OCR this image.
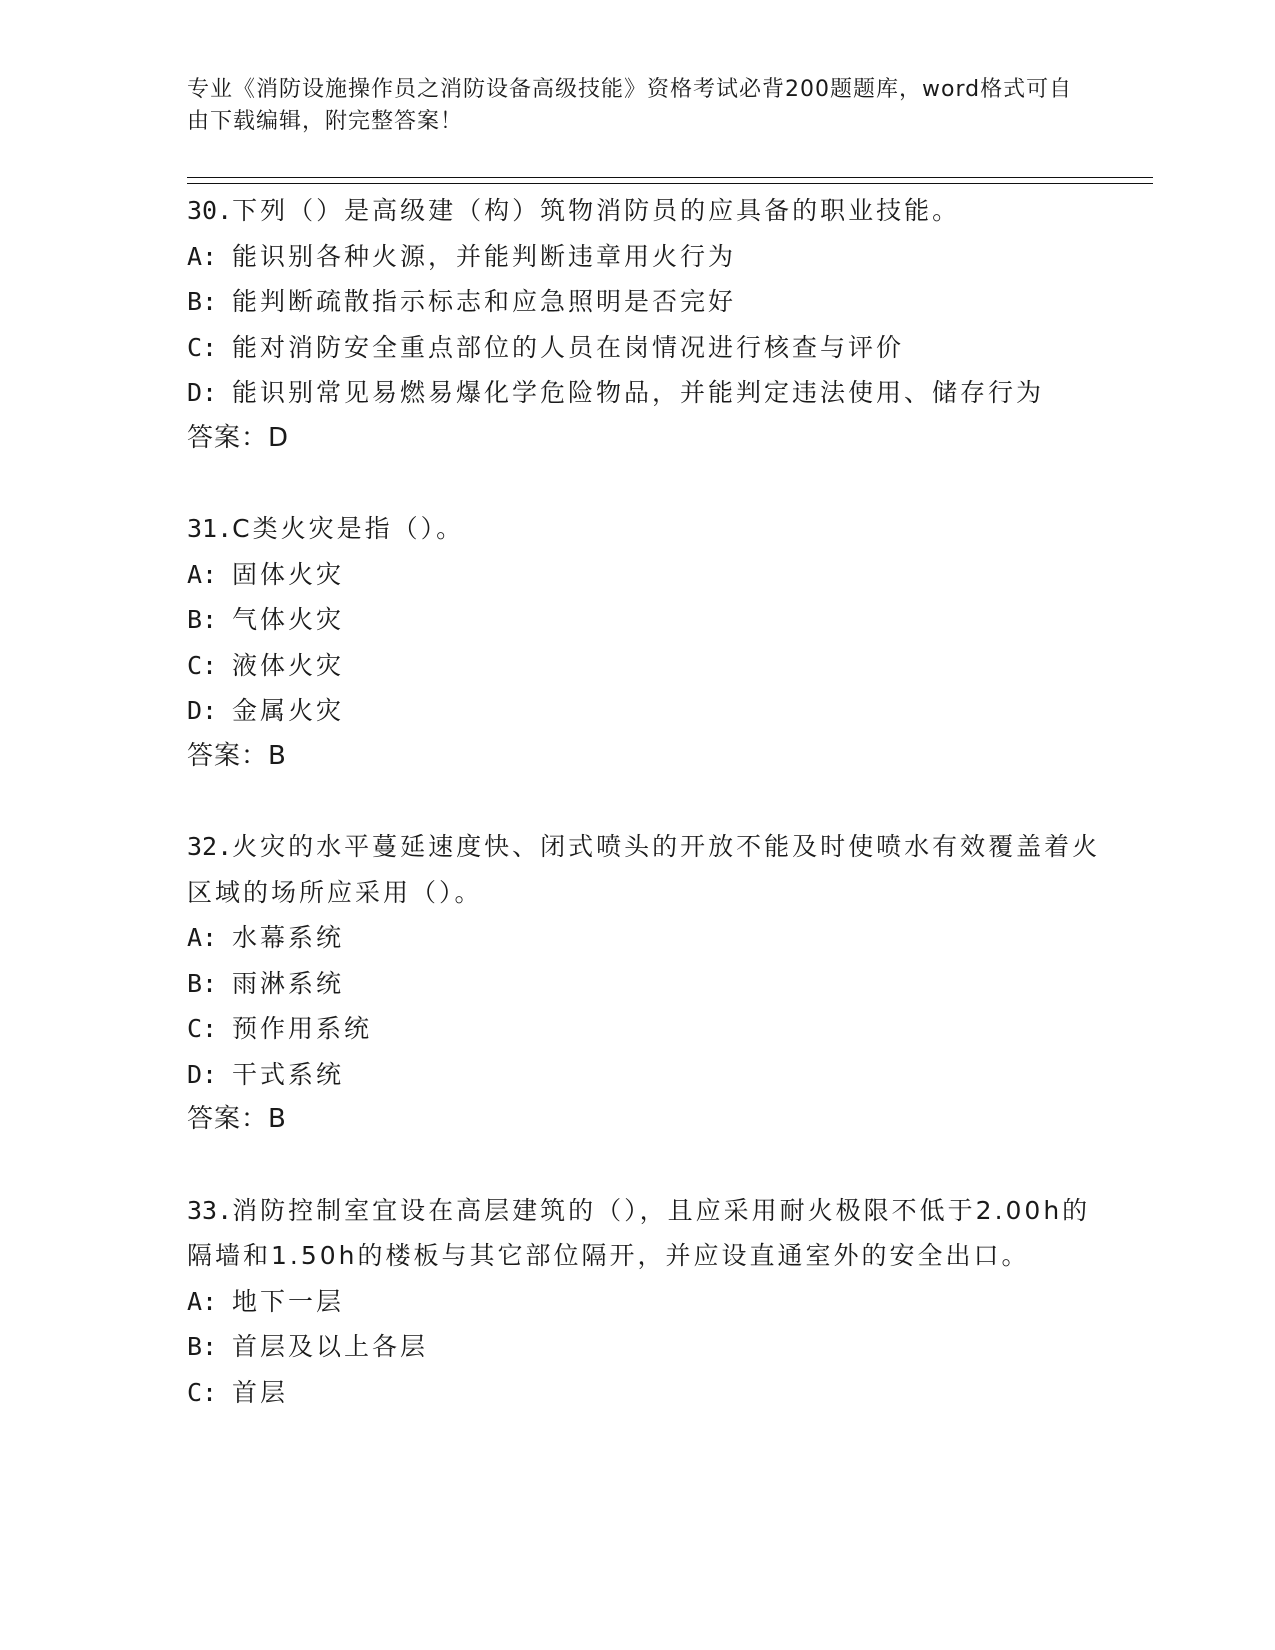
专业《消防设施操作员之消防设备高级技能》资格考试必背200题题库，word格式可自由下载编辑，附完整答案！

30.下列（）是高级建（构）筑物消防员的应具备的职业技能。

A: 能识别各种火源，并能判断违章用火行为

B: 能判断疏散指示标志和应急照明是否完好

C: 能对消防安全重点部位的人员在岗情况进行核查与评价

D: 能识别常见易燃易爆化学危险物品，并能判定违法使用、储存行为

答案：D

31.C类火灾是指（）。

A: 固体火灾

B: 气体火灾

C: 液体火灾

D: 金属火灾

答案：B

32.火灾的水平蔓延速度快、闭式喷头的开放不能及时使喷水有效覆盖着火区域的场所应采用（）。

A: 水幕系统

B: 雨淋系统

C: 预作用系统

D: 干式系统

答案：B

33.消防控制室宜设在高层建筑的（），且应采用耐火极限不低于2.00h的隔墙和1.50h的楼板与其它部位隔开，并应设直通室外的安全出口。

A: 地下一层

B: 首层及以上各层

C: 首层
